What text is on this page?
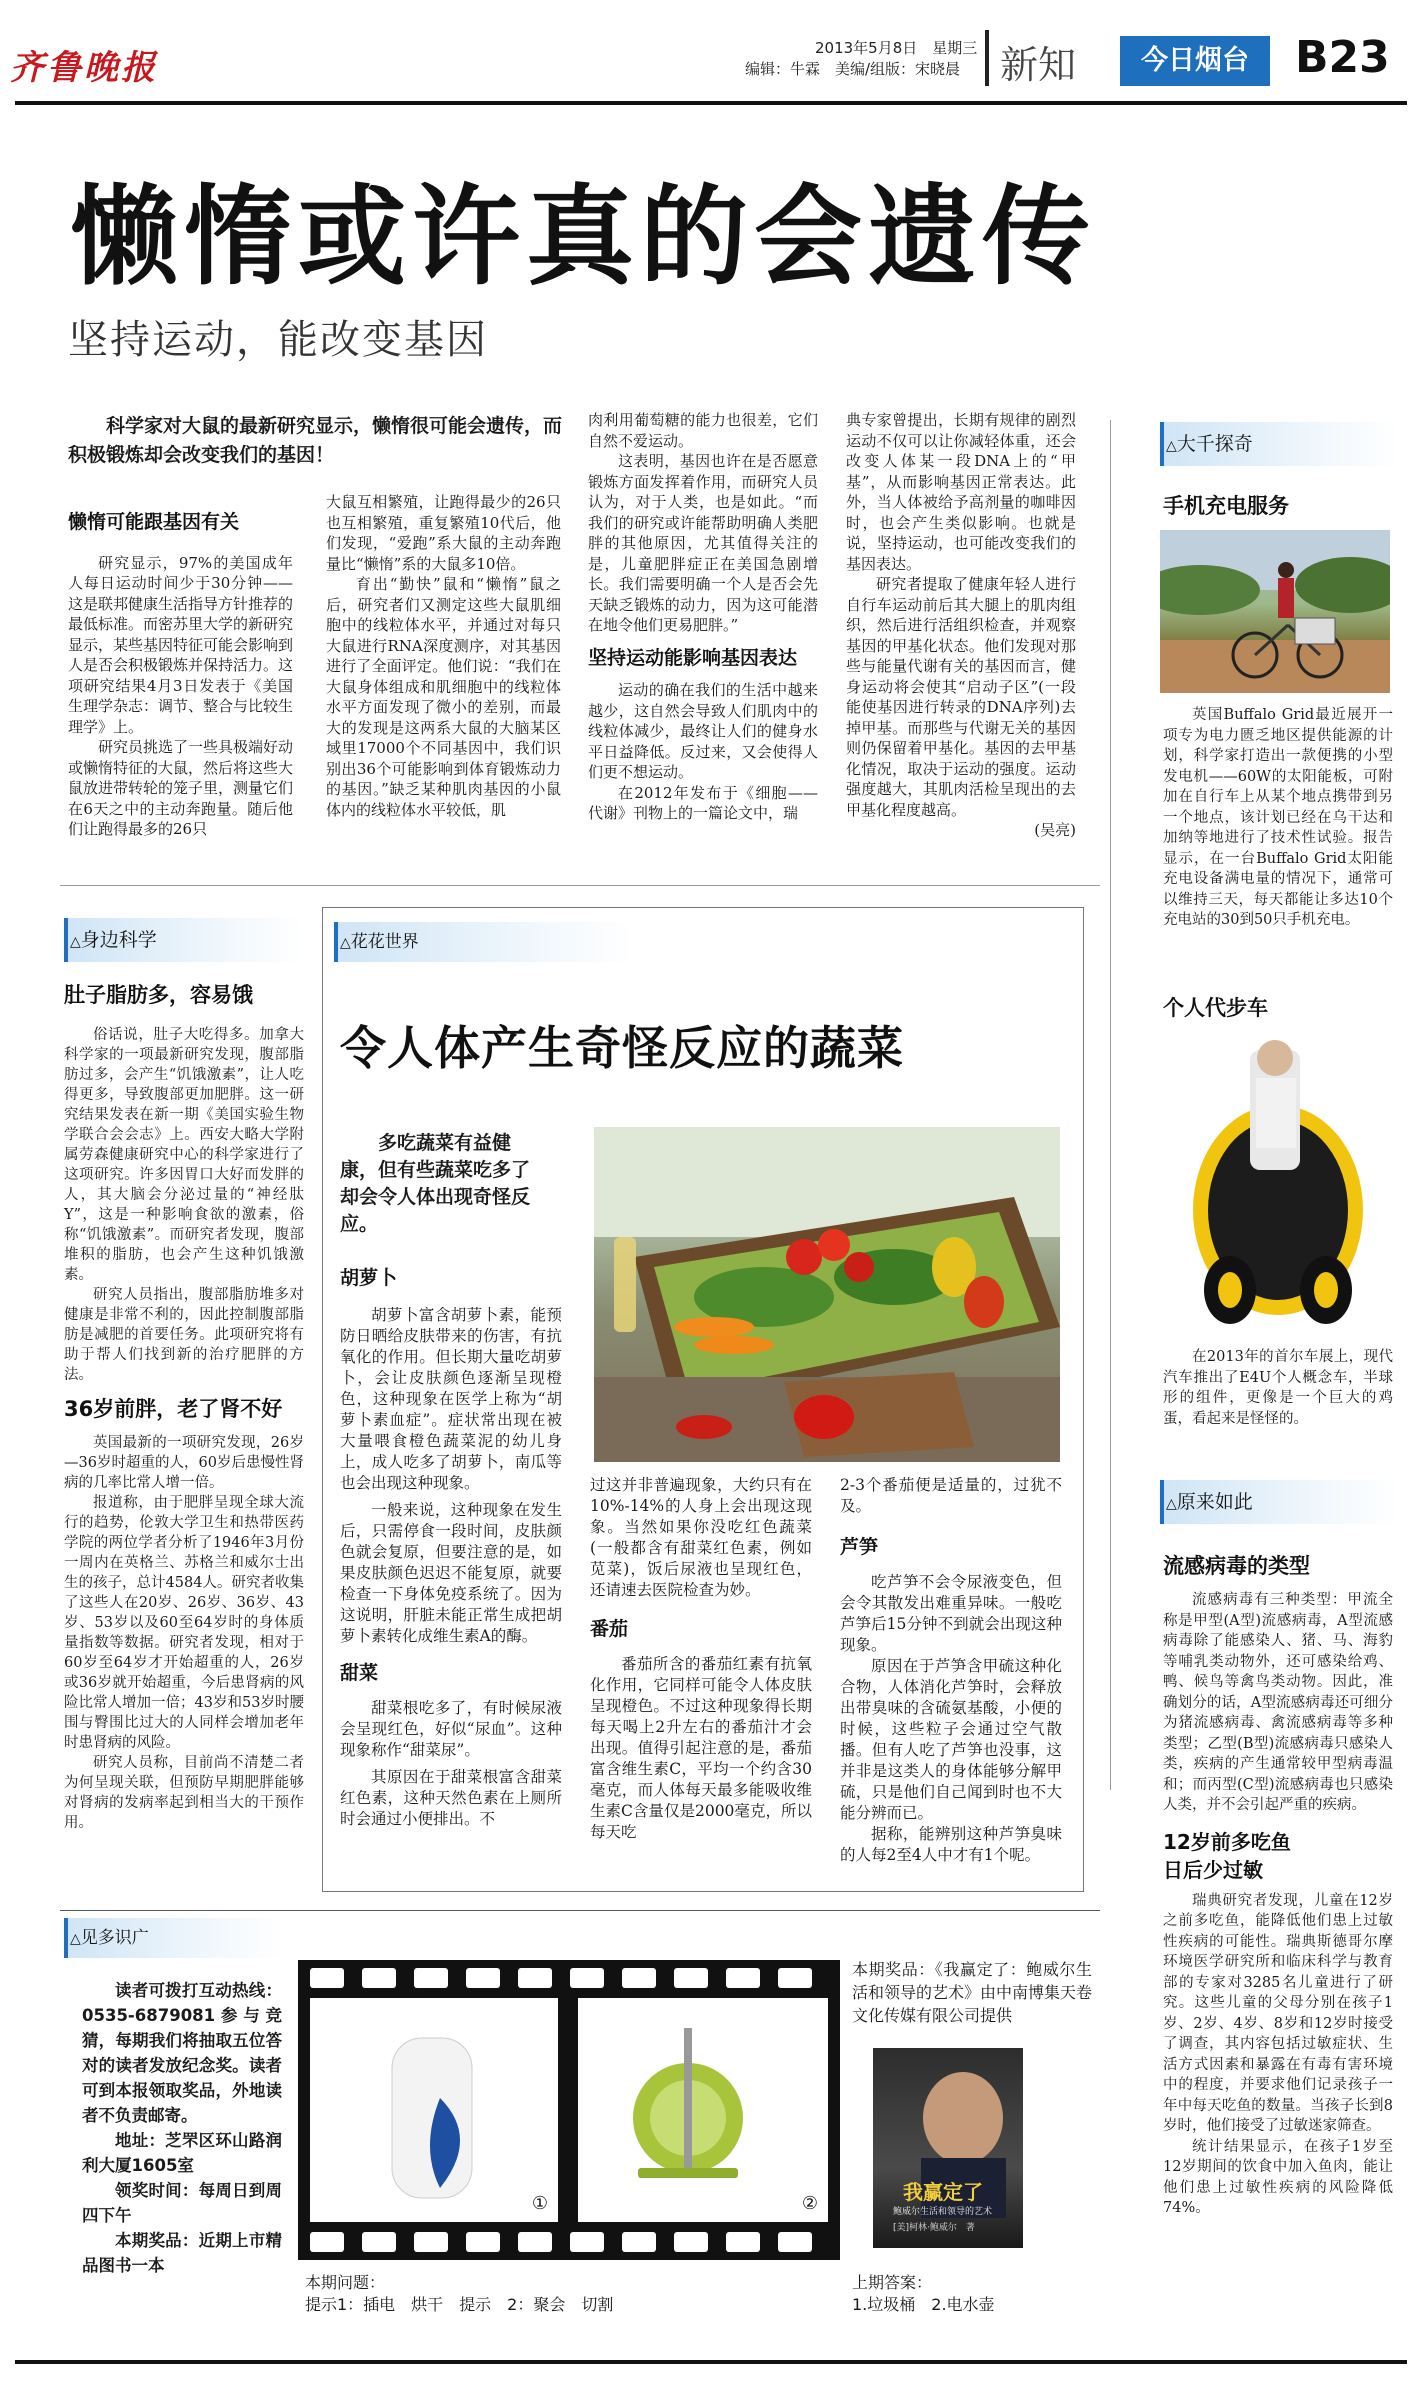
齐鲁晚报	2013年5月8日　星期三
编辑：牛霖　美编/组版：宋晓晨	新知	今日烟台	B23
懒惰或许真的会遗传
坚持运动，能改变基因
科学家对大鼠的最新研究显示，懒惰很可能会遗传，而积极锻炼却会改变我们的基因！
懒惰可能跟基因有关

研究显示，97%的美国成年人每日运动时间少于30分钟——这是联邦健康生活指导方针推荐的最低标准。而密苏里大学的新研究显示，某些基因特征可能会影响到人是否会积极锻炼并保持活力。这项研究结果4月3日发表于《美国生理学杂志：调节、整合与比较生理学》上。

研究员挑选了一些具极端好动或懒惰特征的大鼠，然后将这些大鼠放进带转轮的笼子里，测量它们在6天之中的主动奔跑量。随后他们让跑得最多的26只

大鼠互相繁殖，让跑得最少的26只也互相繁殖，重复繁殖10代后，他们发现，“爱跑”系大鼠的主动奔跑量比“懒惰”系的大鼠多10倍。

育出“勤快”鼠和“懒惰”鼠之后，研究者们又测定这些大鼠肌细胞中的线粒体水平，并通过对每只大鼠进行RNA深度测序，对其基因进行了全面评定。他们说：“我们在大鼠身体组成和肌细胞中的线粒体水平方面发现了微小的差别，而最大的发现是这两系大鼠的大脑某区域里17000个不同基因中，我们识别出36个可能影响到体育锻炼动力的基因。”缺乏某种肌肉基因的小鼠体内的线粒体水平较低，肌

肉利用葡萄糖的能力也很差，它们自然不爱运动。

这表明，基因也许在是否愿意锻炼方面发挥着作用，而研究人员认为，对于人类，也是如此。“而我们的研究或许能帮助明确人类肥胖的其他原因，尤其值得关注的是，儿童肥胖症正在美国急剧增长。我们需要明确一个人是否会先天缺乏锻炼的动力，因为这可能潜在地令他们更易肥胖。”

坚持运动能影响基因表达

运动的确在我们的生活中越来越少，这自然会导致人们肌肉中的线粒体减少，最终让人们的健身水平日益降低。反过来，又会使得人们更不想运动。

在2012年发布于《细胞——代谢》刊物上的一篇论文中，瑞

典专家曾提出，长期有规律的剧烈运动不仅可以让你减轻体重，还会改变人体某一段DNA上的“甲基”，从而影响基因正常表达。此外，当人体被给予高剂量的咖啡因时，也会产生类似影响。也就是说，坚持运动，也可能改变我们的基因表达。

研究者提取了健康年轻人进行自行车运动前后其大腿上的肌肉组织，然后进行活组织检查，并观察基因的甲基化状态。他们发现对那些与能量代谢有关的基因而言，健身运动将会使其“启动子区”(一段能使基因进行转录的DNA序列)去掉甲基。而那些与代谢无关的基因则仍保留着甲基化。基因的去甲基化情况，取决于运动的强度。运动强度越大，其肌肉活检呈现出的去甲基化程度越高。

(吴亮)
△身边科学
肚子脂肪多，容易饿

俗话说，肚子大吃得多。加拿大科学家的一项最新研究发现，腹部脂肪过多，会产生“饥饿激素”，让人吃得更多，导致腹部更加肥胖。这一研究结果发表在新一期《美国实验生物学联合会会志》上。西安大略大学附属劳森健康研究中心的科学家进行了这项研究。许多因胃口大好而发胖的人，其大脑会分泌过量的“神经肽Y”，这是一种影响食欲的激素，俗称“饥饿激素”。而研究者发现，腹部堆积的脂肪，也会产生这种饥饿激素。

研究人员指出，腹部脂肪堆多对健康是非常不利的，因此控制腹部脂肪是减肥的首要任务。此项研究将有助于帮人们找到新的治疗肥胖的方法。

36岁前胖，老了肾不好

英国最新的一项研究发现，26岁—36岁时超重的人，60岁后患慢性肾病的几率比常人增一倍。

报道称，由于肥胖呈现全球大流行的趋势，伦敦大学卫生和热带医药学院的两位学者分析了1946年3月份一周内在英格兰、苏格兰和威尔士出生的孩子，总计4584人。研究者收集了这些人在20岁、26岁、36岁、43岁、53岁以及60至64岁时的身体质量指数等数据。研究者发现，相对于60岁至64岁才开始超重的人，26岁或36岁就开始超重，今后患肾病的风险比常人增加一倍；43岁和53岁时腰围与臀围比过大的人同样会增加老年时患肾病的风险。

研究人员称，目前尚不清楚二者为何呈现关联，但预防早期肥胖能够对肾病的发病率起到相当大的干预作用。

△花花世界
令人体产生奇怪反应的蔬菜
多吃蔬菜有益健康，但有些蔬菜吃多了却会令人体出现奇怪反应。
胡萝卜

胡萝卜富含胡萝卜素，能预防日晒给皮肤带来的伤害，有抗氧化的作用。但长期大量吃胡萝卜，会让皮肤颜色逐渐呈现橙色，这种现象在医学上称为“胡萝卜素血症”。症状常出现在被大量喂食橙色蔬菜泥的幼儿身上，成人吃多了胡萝卜，南瓜等也会出现这种现象。

一般来说，这种现象在发生后，只需停食一段时间，皮肤颜色就会复原，但要注意的是，如果皮肤颜色迟迟不能复原，就要检查一下身体免疫系统了。因为这说明，肝脏未能正常生成把胡萝卜素转化成维生素A的酶。

甜菜

甜菜根吃多了，有时候尿液会呈现红色，好似“尿血”。这种现象称作“甜菜尿”。

其原因在于甜菜根富含甜菜红色素，这种天然色素在上厕所时会通过小便排出。不

过这并非普遍现象，大约只有在10%-14%的人身上会出现这现象。当然如果你没吃红色蔬菜(一般都含有甜菜红色素，例如苋菜)，饭后尿液也呈现红色，还请速去医院检查为妙。

番茄

番茄所含的番茄红素有抗氧化作用，它同样可能令人体皮肤呈现橙色。不过这种现象得长期每天喝上2升左右的番茄汁才会出现。值得引起注意的是，番茄富含维生素C，平均一个约含30毫克，而人体每天最多能吸收维生素C含量仅是2000毫克，所以每天吃

2-3个番茄便是适量的，过犹不及。

芦笋

吃芦笋不会令尿液变色，但会令其散发出难重异味。一般吃芦笋后15分钟不到就会出现这种现象。

原因在于芦笋含甲硫这种化合物，人体消化芦笋时，会释放出带臭味的含硫氨基酸，小便的时候，这些粒子会通过空气散播。但有人吃了芦笋也没事，这并非是这类人的身体能够分解甲硫，只是他们自己闻到时也不大能分辨而已。

据称，能辨别这种芦笋臭味的人每2至4人中才有1个呢。

△大千探奇
手机充电服务

英国Buffalo Grid最近展开一项专为电力匮乏地区提供能源的计划，科学家打造出一款便携的小型发电机——60W的太阳能板，可附加在自行车上从某个地点携带到另一个地点，该计划已经在乌干达和加纳等地进行了技术性试验。报告显示，在一台Buffalo Grid太阳能充电设备满电量的情况下，通常可以维持三天，每天都能让多达10个充电站的30到50只手机充电。

个人代步车

在2013年的首尔车展上，现代汽车推出了E4U个人概念车，半球形的组件，更像是一个巨大的鸡蛋，看起来是怪怪的。

△原来如此
流感病毒的类型

流感病毒有三种类型：甲流全称是甲型(A型)流感病毒，A型流感病毒除了能感染人、猪、马、海豹等哺乳类动物外，还可感染给鸡、鸭、候鸟等禽鸟类动物。因此，准确划分的话，A型流感病毒还可细分为猪流感病毒、禽流感病毒等多种类型；乙型(B型)流感病毒只感染人类，疾病的产生通常较甲型病毒温和；而丙型(C型)流感病毒也只感染人类，并不会引起严重的疾病。

12岁前多吃鱼
日后少过敏

瑞典研究者发现，儿童在12岁之前多吃鱼，能降低他们患上过敏性疾病的可能性。瑞典斯德哥尔摩环境医学研究所和临床科学与教育部的专家对3285名儿童进行了研究。这些儿童的父母分别在孩子1岁、2岁、4岁、8岁和12岁时接受了调查，其内容包括过敏症状、生活方式因素和暴露在有毒有害环境中的程度，并要求他们记录孩子一年中每天吃鱼的数量。当孩子长到8岁时，他们接受了过敏迷家筛查。

统计结果显示，在孩子1岁至12岁期间的饮食中加入鱼肉，能让他们患上过敏性疾病的风险降低74%。

△见多识广

读者可拨打互动热线：0535-6879081参与竞猜，每期我们将抽取五位答对的读者发放纪念奖。读者可到本报领取奖品，外地读者不负责邮寄。

地址：芝罘区环山路润利大厦1605室

领奖时间：每周日到周四下午

本期奖品：近期上市精品图书一本

①	②
本期问题：
提示1：插电　烘干　提示　2：聚会　切割

本期奖品：《我赢定了：鲍威尔生活和领导的艺术》由中南博集天卷文化传媒有限公司提供

我赢定了
鲍威尔生活和领导的艺术
[美]柯林·鲍威尔　著
上期答案：
1.垃圾桶　2.电水壶
